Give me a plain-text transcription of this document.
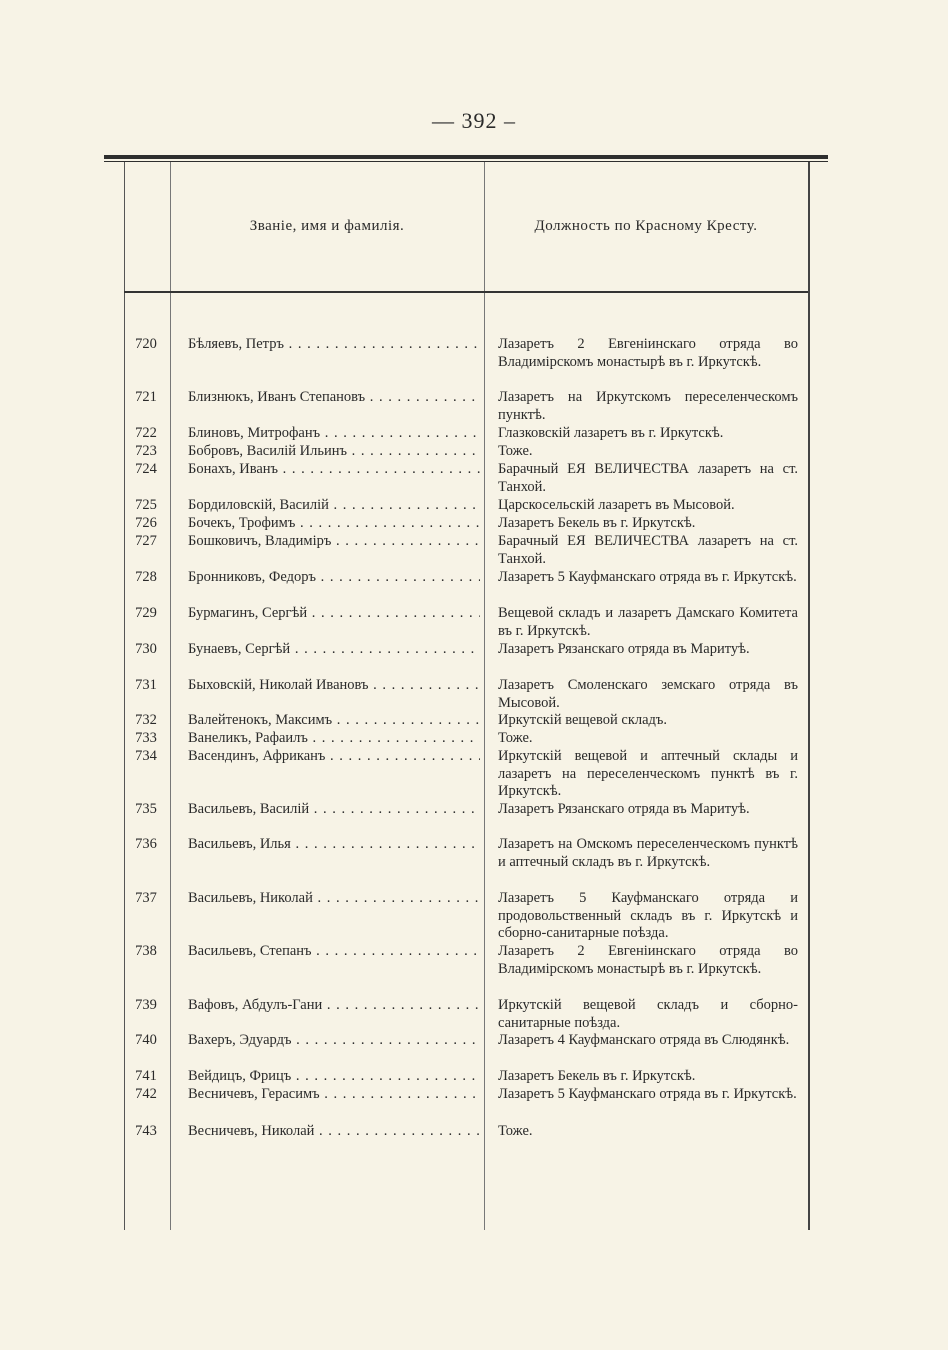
— 392 –
Званіе, имя и фамилія.	Должность по Красному Кресту.
720	Бѣляевъ, Петръ . . .	Лазаретъ 2 Евгеніинскаго отряда во Владимірскомъ монастырѣ въ г. Иркутскѣ.
721	Близнюкъ, Иванъ Степановъ . . .	Лазаретъ на Иркутскомъ переселенческомъ пунктѣ.
722	Блиновъ, Митрофанъ . . .	Глазковскій лазаретъ въ г. Иркутскѣ.
723	Бобровъ, Василій Ильинъ . . .	Тоже.
724	Бонахъ, Иванъ . . .	Барачный ЕЯ ВЕЛИЧЕСТВА лазаретъ на ст. Танхой.
725	Бордиловскій, Василій . . .	Царскосельскій лазаретъ въ Мысовой.
726	Бочекъ, Трофимъ . . .	Лазаретъ Бекель въ г. Иркутскѣ.
727	Бошковичъ, Владиміръ . . .	Барачный ЕЯ ВЕЛИЧЕСТВА лазаретъ на ст. Танхой.
728	Бронниковъ, Федоръ . . .	Лазаретъ 5 Кауфманскаго отряда въ г. Иркутскѣ.
729	Бурмагинъ, Сергѣй . . .	Вещевой складъ и лазаретъ Дамскаго Комитета въ г. Иркутскѣ.
730	Бунаевъ, Сергѣй . . .	Лазаретъ Рязанскаго отряда въ Маритуѣ.
731	Быховскій, Николай Ивановъ . . .	Лазаретъ Смоленскаго земскаго отряда въ Мысовой.
732	Валейтенокъ, Максимъ . . .	Иркутскій вещевой складъ.
733	Ванеликъ, Рафаилъ . . .	Тоже.
734	Васендинъ, Африканъ . . .	Иркутскій вещевой и аптечный склады и лазаретъ на переселенческомъ пунктѣ въ г. Иркутскѣ.
735	Васильевъ, Василій . . .	Лазаретъ Рязанскаго отряда въ Маритуѣ.
736	Васильевъ, Илья . . .	Лазаретъ на Омскомъ переселенческомъ пунктѣ и аптечный складъ въ г. Иркутскѣ.
737	Васильевъ, Николай . . .	Лазаретъ 5 Кауфманскаго отряда и продовольственный складъ въ г. Иркутскѣ и сборно-санитарные поѣзда.
738	Васильевъ, Степанъ . . .	Лазаретъ 2 Евгеніинскаго отряда во Владимірскомъ монастырѣ въ г. Иркутскѣ.
739	Вафовъ, Абдулъ-Гани . . .	Иркутскій вещевой складъ и сборно-санитарные поѣзда.
740	Вахеръ, Эдуардъ . . .	Лазаретъ 4 Кауфманскаго отряда въ Слюдянкѣ.
741	Вейдицъ, Фрицъ . . .	Лазаретъ Бекель въ г. Иркутскѣ.
742	Весничевъ, Герасимъ . . .	Лазаретъ 5 Кауфманскаго отряда въ г. Иркутскѣ.
743	Весничевъ, Николай . . .	Тоже.
